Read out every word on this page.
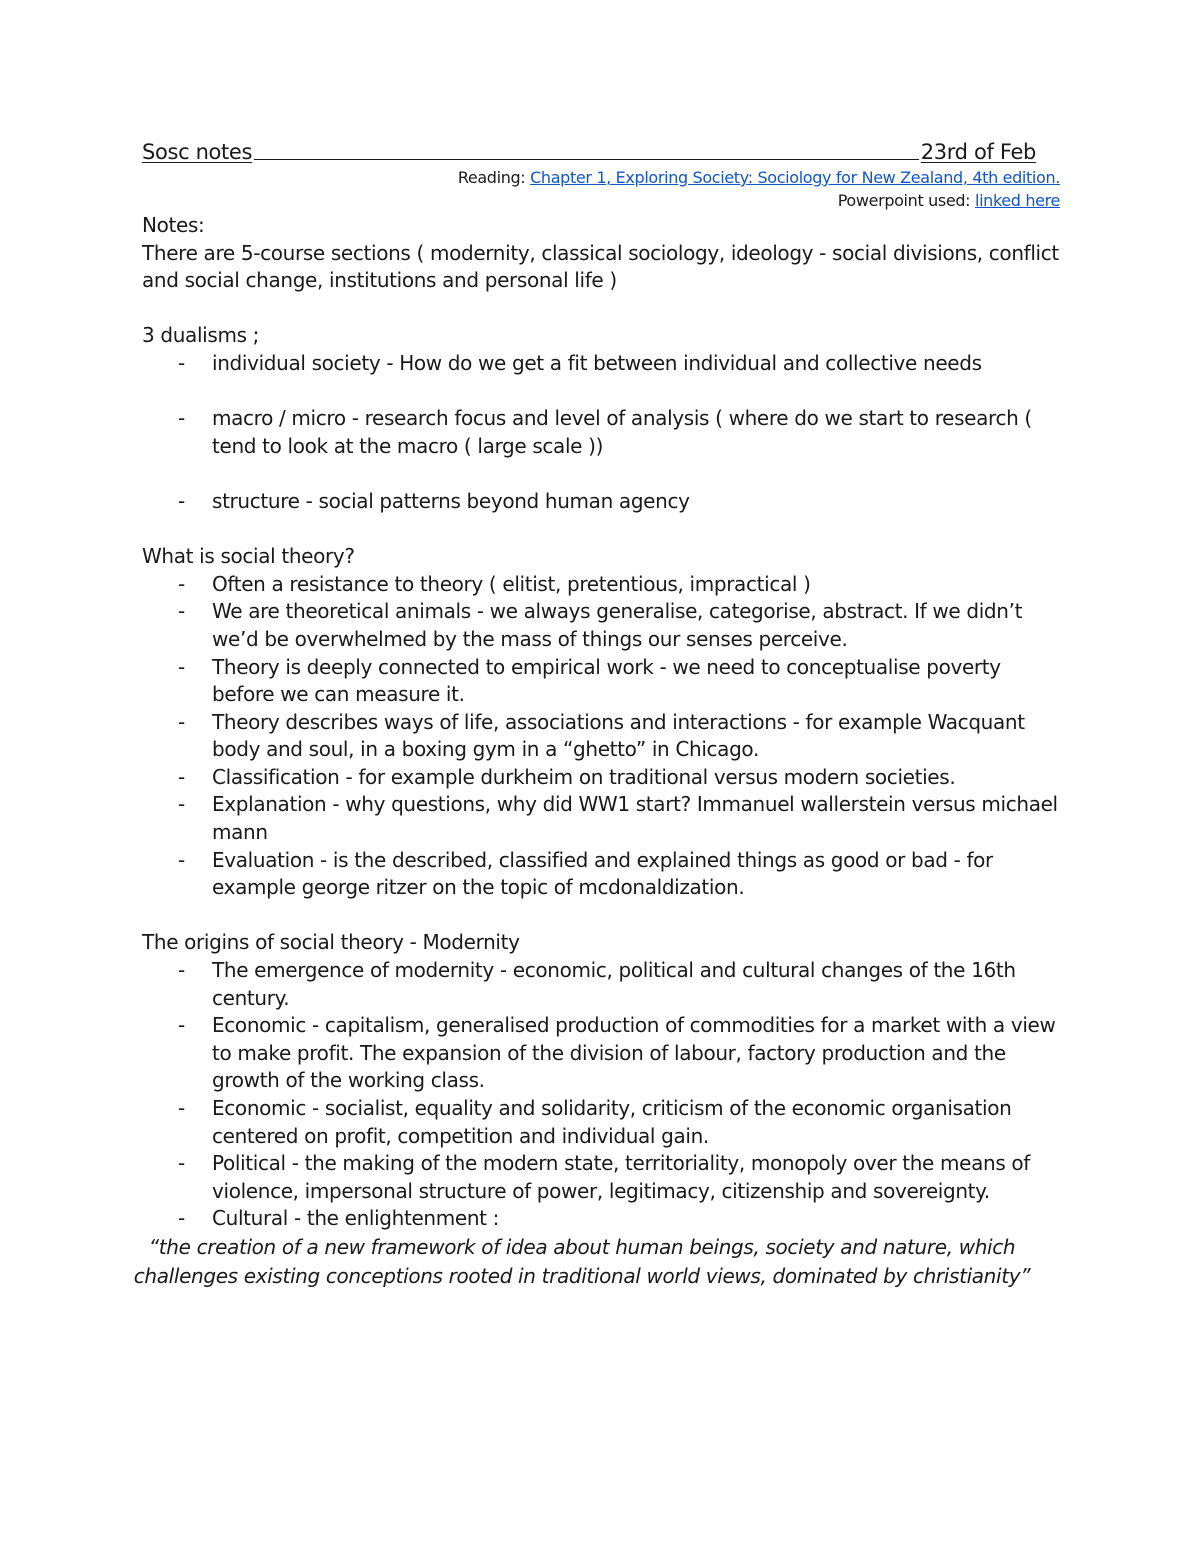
Sosc notes	23rd of Feb
Reading: Chapter 1, Exploring Society: Sociology for New Zealand, 4th edition.
Powerpoint used: linked here

Notes:

There are 5-course sections ( modernity, classical sociology, ideology - social divisions, conflict and social change, institutions and personal life )

3 dualisms ;

- individual society - How do we get a fit between individual and collective needs
- macro / micro - research focus and level of analysis ( where do we start to research ( tend to look at the macro ( large scale ))
- structure - social patterns beyond human agency

What is social theory?

- Often a resistance to theory ( elitist, pretentious, impractical )
- We are theoretical animals - we always generalise, categorise, abstract. If we didn’t we’d be overwhelmed by the mass of things our senses perceive.
- Theory is deeply connected to empirical work - we need to conceptualise poverty before we can measure it.
- Theory describes ways of life, associations and interactions - for example Wacquant body and soul, in a boxing gym in a “ghetto” in Chicago.
- Classification - for example durkheim on traditional versus modern societies.
- Explanation - why questions, why did WW1 start? Immanuel wallerstein versus michael mann
- Evaluation - is the described, classified and explained things as good or bad - for example george ritzer on the topic of mcdonaldization.

The origins of social theory - Modernity

- The emergence of modernity - economic, political and cultural changes of the 16th century.
- Economic - capitalism, generalised production of commodities for a market with a view to make profit. The expansion of the division of labour, factory production and the growth of the working class.
- Economic - socialist, equality and solidarity, criticism of the economic organisation centered on profit, competition and individual gain.
- Political - the making of the modern state, territoriality, monopoly over the means of violence, impersonal structure of power, legitimacy, citizenship and sovereignty.
- Cultural - the enlightenment :

“the creation of a new framework of idea about human beings, society and nature, which challenges existing conceptions rooted in traditional world views, dominated by christianity”
